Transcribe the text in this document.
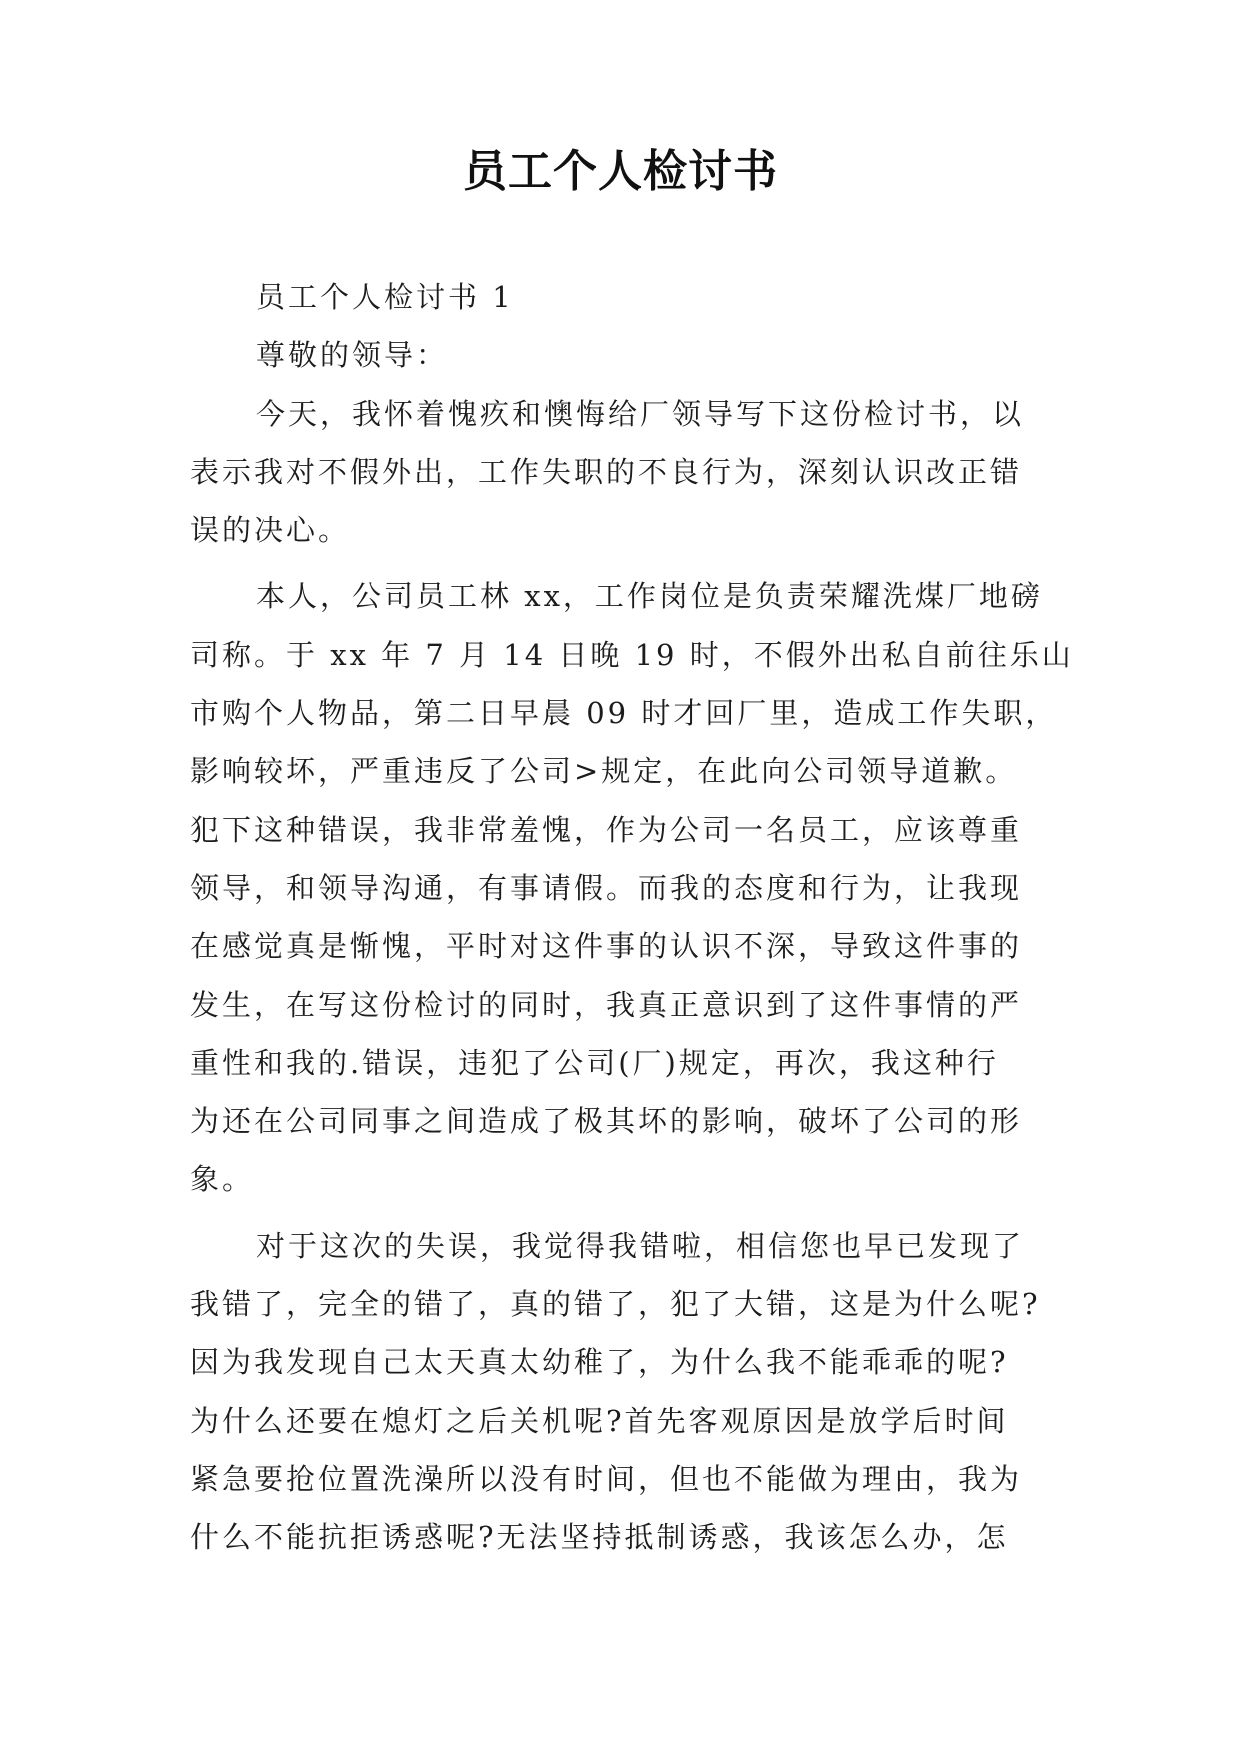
员工个人检讨书
员工个人检讨书 1
尊敬的领导：
今天，我怀着愧疚和懊悔给厂领导写下这份检讨书，以
表示我对不假外出，工作失职的不良行为，深刻认识改正错
误的决心。
本人，公司员工林 xx，工作岗位是负责荣耀洗煤厂地磅
司称。于 xx 年 7 月 14 日晚 19 时，不假外出私自前往乐山
市购个人物品，第二日早晨 09 时才回厂里，造成工作失职，
影响较坏，严重违反了公司>规定，在此向公司领导道歉。
犯下这种错误，我非常羞愧，作为公司一名员工，应该尊重
领导，和领导沟通，有事请假。而我的态度和行为，让我现
在感觉真是惭愧，平时对这件事的认识不深，导致这件事的
发生，在写这份检讨的同时，我真正意识到了这件事情的严
重性和我的.错误，违犯了公司(厂)规定，再次，我这种行
为还在公司同事之间造成了极其坏的影响，破坏了公司的形
象。
对于这次的失误，我觉得我错啦，相信您也早已发现了
我错了，完全的错了，真的错了，犯了大错，这是为什么呢?
因为我发现自己太天真太幼稚了，为什么我不能乖乖的呢?
为什么还要在熄灯之后关机呢?首先客观原因是放学后时间
紧急要抢位置洗澡所以没有时间，但也不能做为理由，我为
什么不能抗拒诱惑呢?无法坚持抵制诱惑，我该怎么办，怎
